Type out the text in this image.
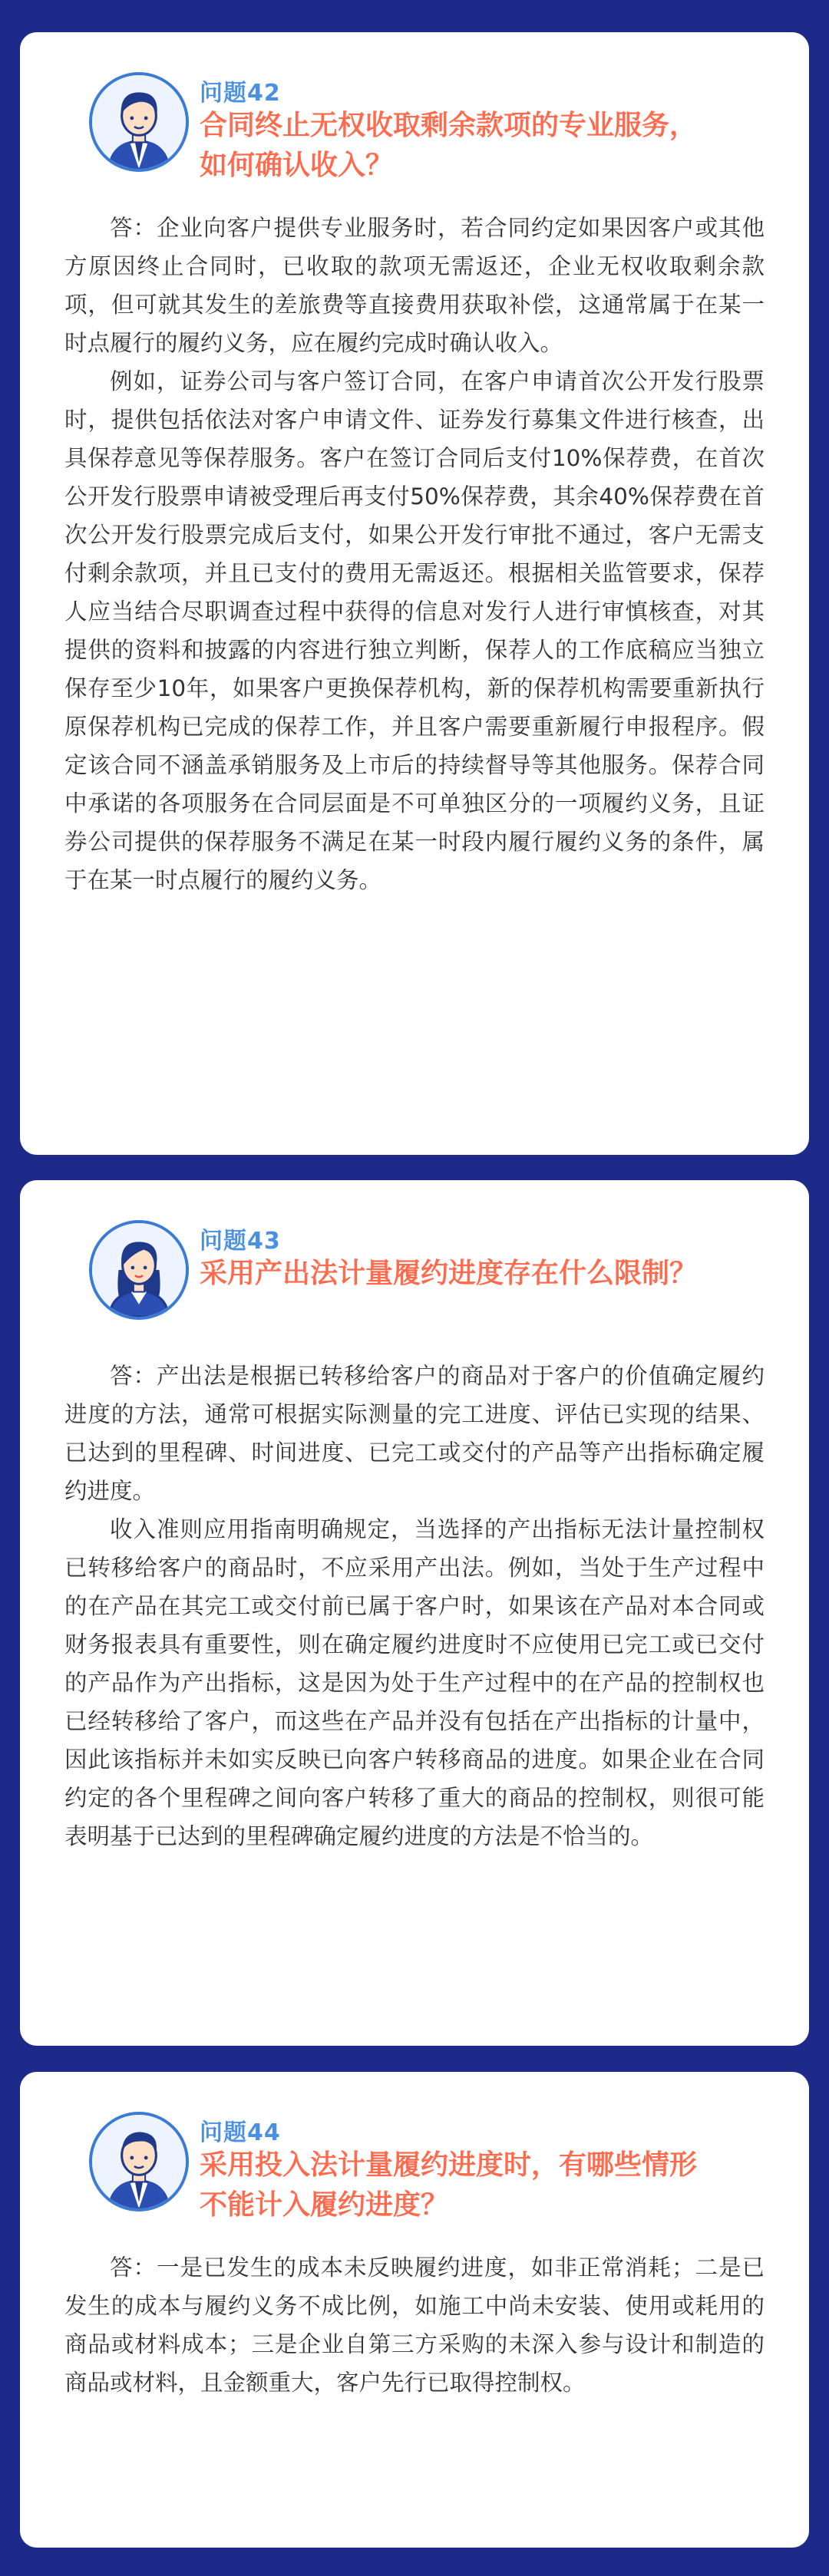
问题42
合同终止无权收取剩余款项的专业服务，如何确认收入？

答：企业向客户提供专业服务时，若合同约定如果因客户或其他方原因终止合同时，已收取的款项无需返还，企业无权收取剩余款项，但可就其发生的差旅费等直接费用获取补偿，这通常属于在某一时点履行的履约义务，应在履约完成时确认收入。

例如，证券公司与客户签订合同，在客户申请首次公开发行股票时，提供包括依法对客户申请文件、证券发行募集文件进行核查，出具保荐意见等保荐服务。客户在签订合同后支付10%保荐费，在首次公开发行股票申请被受理后再支付50%保荐费，其余40%保荐费在首次公开发行股票完成后支付，如果公开发行审批不通过，客户无需支付剩余款项，并且已支付的费用无需返还。根据相关监管要求，保荐人应当结合尽职调查过程中获得的信息对发行人进行审慎核查，对其提供的资料和披露的内容进行独立判断，保荐人的工作底稿应当独立保存至少10年，如果客户更换保荐机构，新的保荐机构需要重新执行原保荐机构已完成的保荐工作，并且客户需要重新履行申报程序。假定该合同不涵盖承销服务及上市后的持续督导等其他服务。保荐合同中承诺的各项服务在合同层面是不可单独区分的一项履约义务，且证券公司提供的保荐服务不满足在某一时段内履行履约义务的条件，属于在某一时点履行的履约义务。

问题43
采用产出法计量履约进度存在什么限制？

答：产出法是根据已转移给客户的商品对于客户的价值确定履约进度的方法，通常可根据实际测量的完工进度、评估已实现的结果、已达到的里程碑、时间进度、已完工或交付的产品等产出指标确定履约进度。

收入准则应用指南明确规定，当选择的产出指标无法计量控制权已转移给客户的商品时，不应采用产出法。例如，当处于生产过程中的在产品在其完工或交付前已属于客户时，如果该在产品对本合同或财务报表具有重要性，则在确定履约进度时不应使用已完工或已交付的产品作为产出指标，这是因为处于生产过程中的在产品的控制权也已经转移给了客户，而这些在产品并没有包括在产出指标的计量中，因此该指标并未如实反映已向客户转移商品的进度。如果企业在合同约定的各个里程碑之间向客户转移了重大的商品的控制权，则很可能表明基于已达到的里程碑确定履约进度的方法是不恰当的。

问题44
采用投入法计量履约进度时，有哪些情形不能计入履约进度？

答：一是已发生的成本未反映履约进度，如非正常消耗；二是已发生的成本与履约义务不成比例，如施工中尚未安装、使用或耗用的商品或材料成本；三是企业自第三方采购的未深入参与设计和制造的商品或材料，且金额重大，客户先行已取得控制权。
